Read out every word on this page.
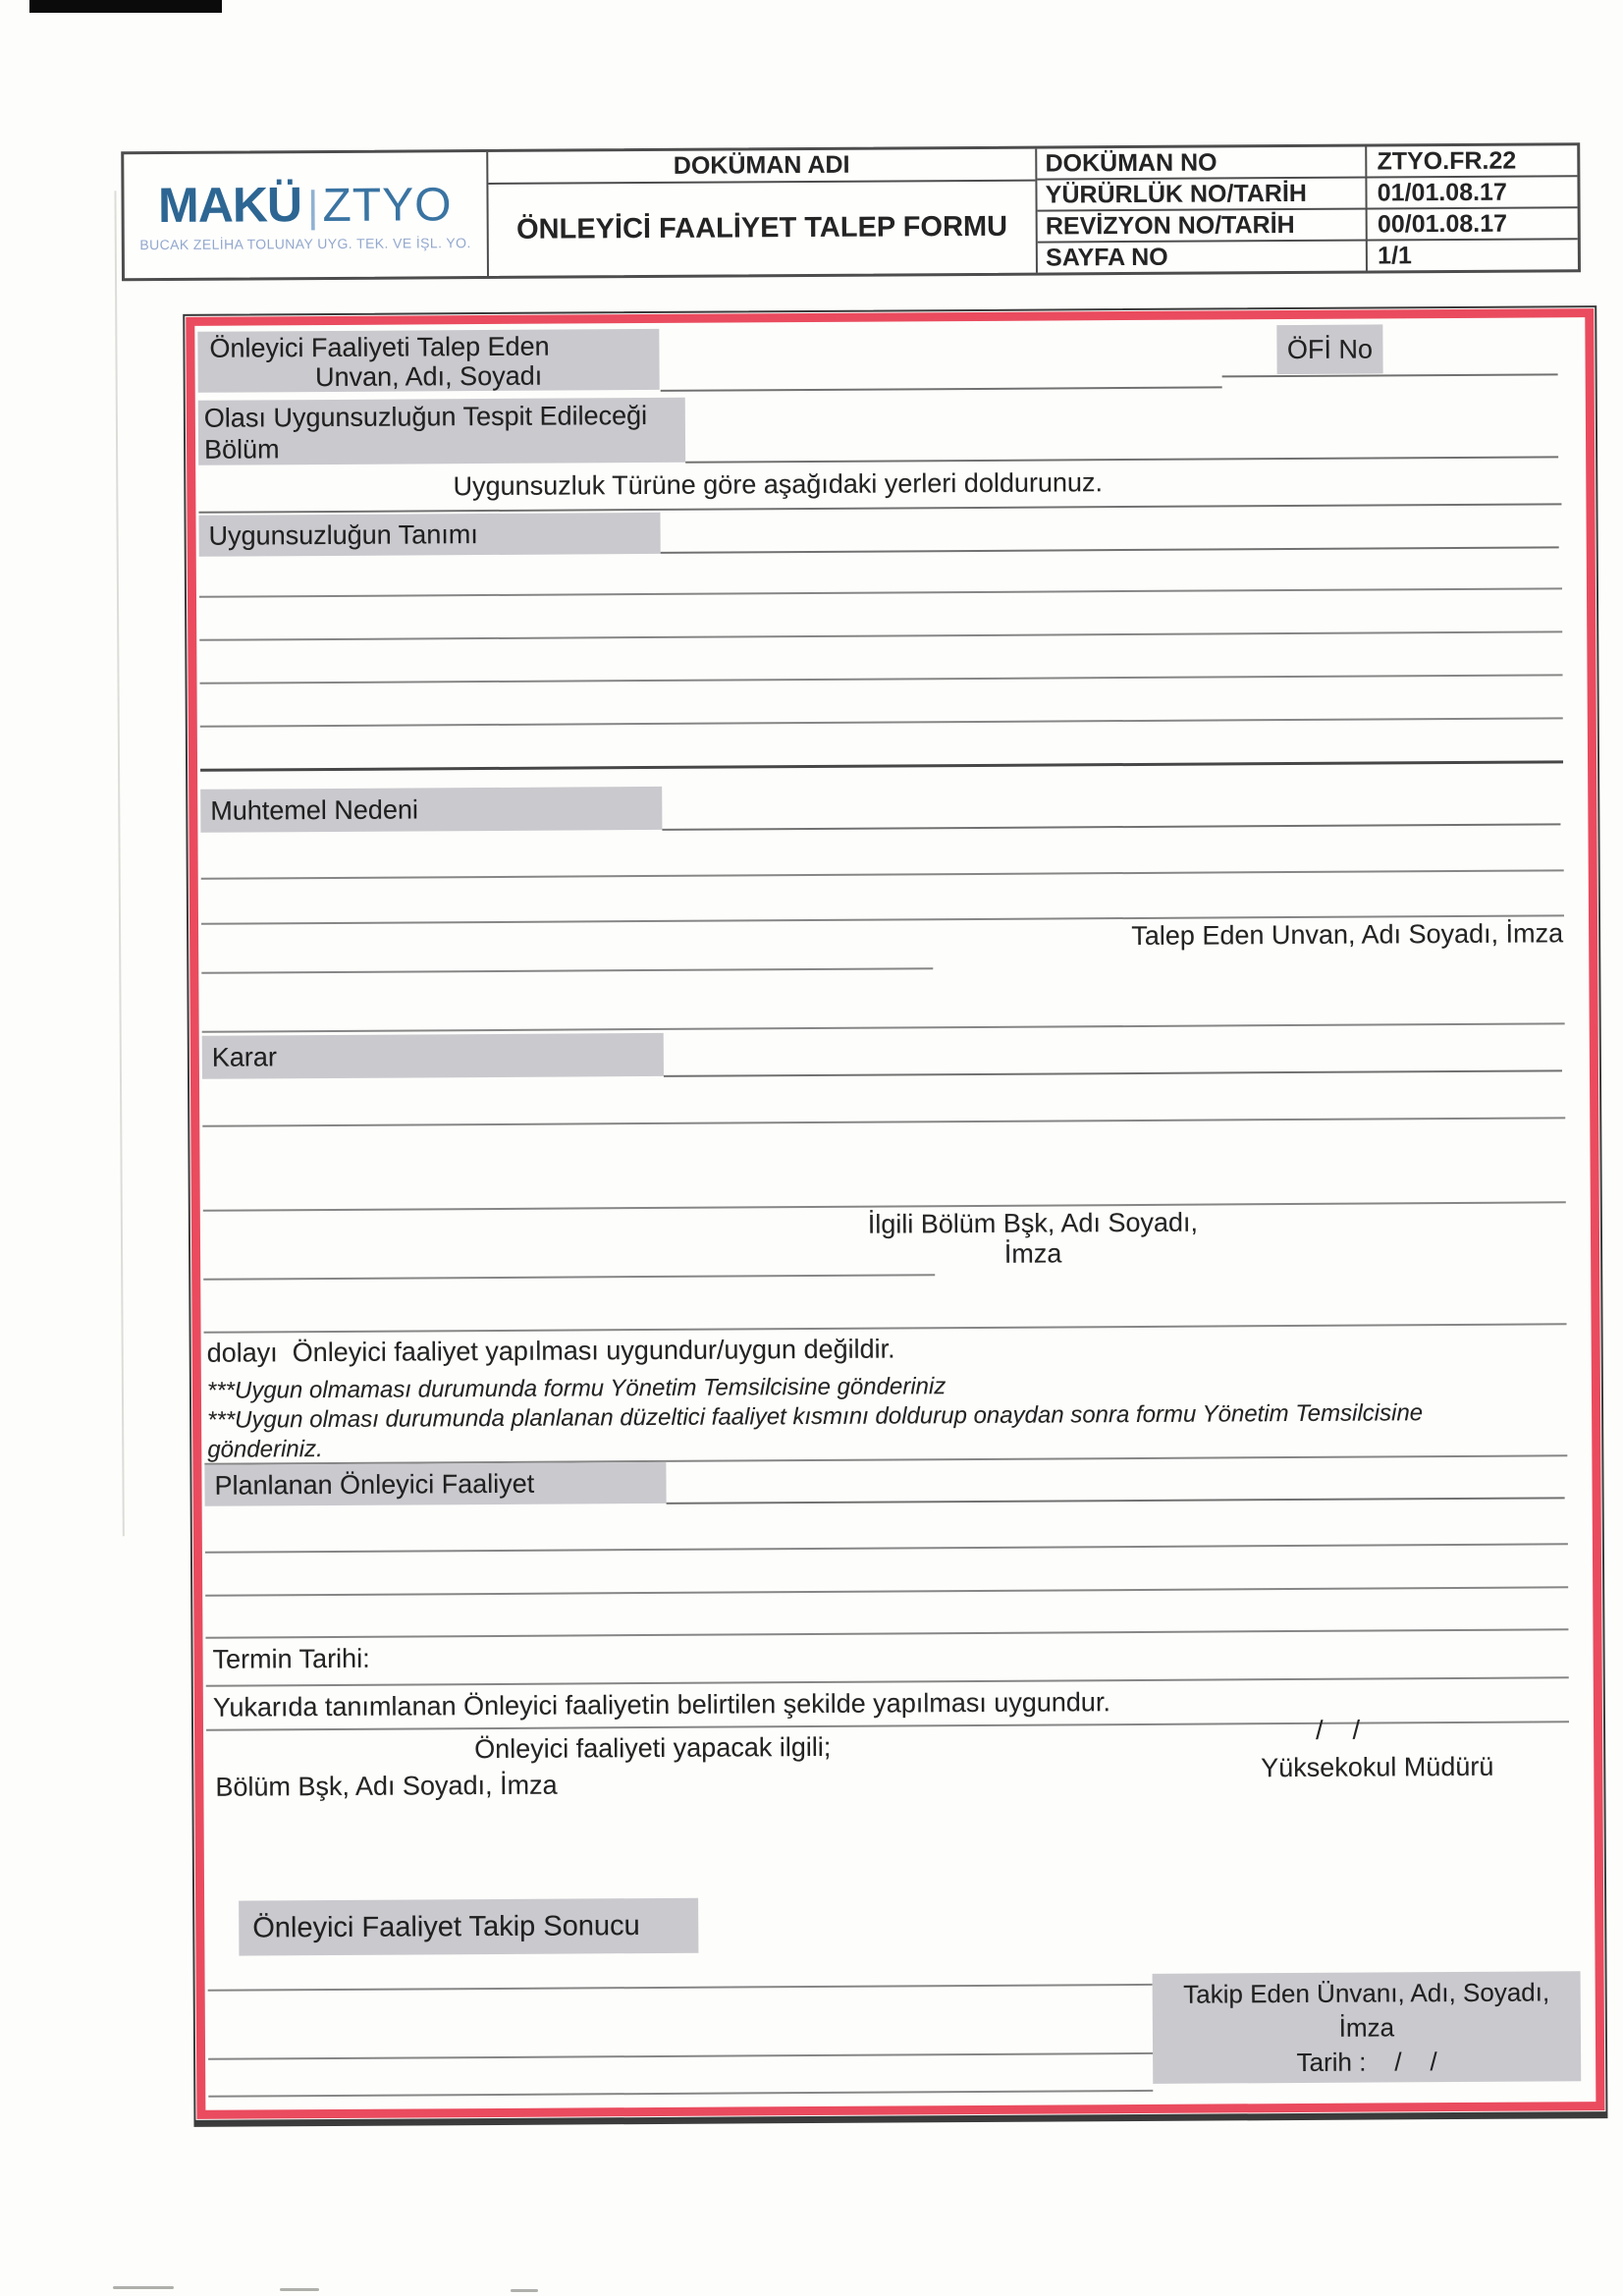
MAKÜ | ZTYO
BUCAK ZELİHA TOLUNAY UYG. TEK. VE İŞL. YO.
DOKÜMAN ADI
ÖNLEYİCİ FAALİYET TALEP FORMU
DOKÜMAN NO	ZTYO.FR.22
YÜRÜRLÜK NO/TARİH	01/01.08.17
REVİZYON NO/TARİH	00/01.08.17
SAYFA NO	1/1
Önleyici Faaliyeti Talep Eden
Unvan, Adı, Soyadı
ÖFİ No
Olası Uygunsuzluğun Tespit Edileceği
Bölüm
Uygunsuzluk Türüne göre aşağıdaki yerleri doldurunuz.
Uygunsuzluğun Tanımı
Muhtemel Nedeni
Talep Eden Unvan, Adı Soyadı, İmza
Karar
İlgili Bölüm Bşk, Adı Soyadı,
İmza
dolayı  Önleyici faaliyet yapılması uygundur/uygun değildir.
***Uygun olmaması durumunda formu Yönetim Temsilcisine gönderiniz
***Uygun olması durumunda planlanan düzeltici faaliyet kısmını doldurup onaydan sonra formu Yönetim Temsilcisine
gönderiniz.
Planlanan Önleyici Faaliyet
Termin Tarihi:
Yukarıda tanımlanan Önleyici faaliyetin belirtilen şekilde yapılması uygundur.
Önleyici faaliyeti yapacak ilgili;
/    /
Bölüm Bşk, Adı Soyadı, İmza
Yüksekokul Müdürü
Önleyici Faaliyet Takip Sonucu
Takip Eden Ünvanı, Adı, Soyadı,
İmza
Tarih :    /    /
